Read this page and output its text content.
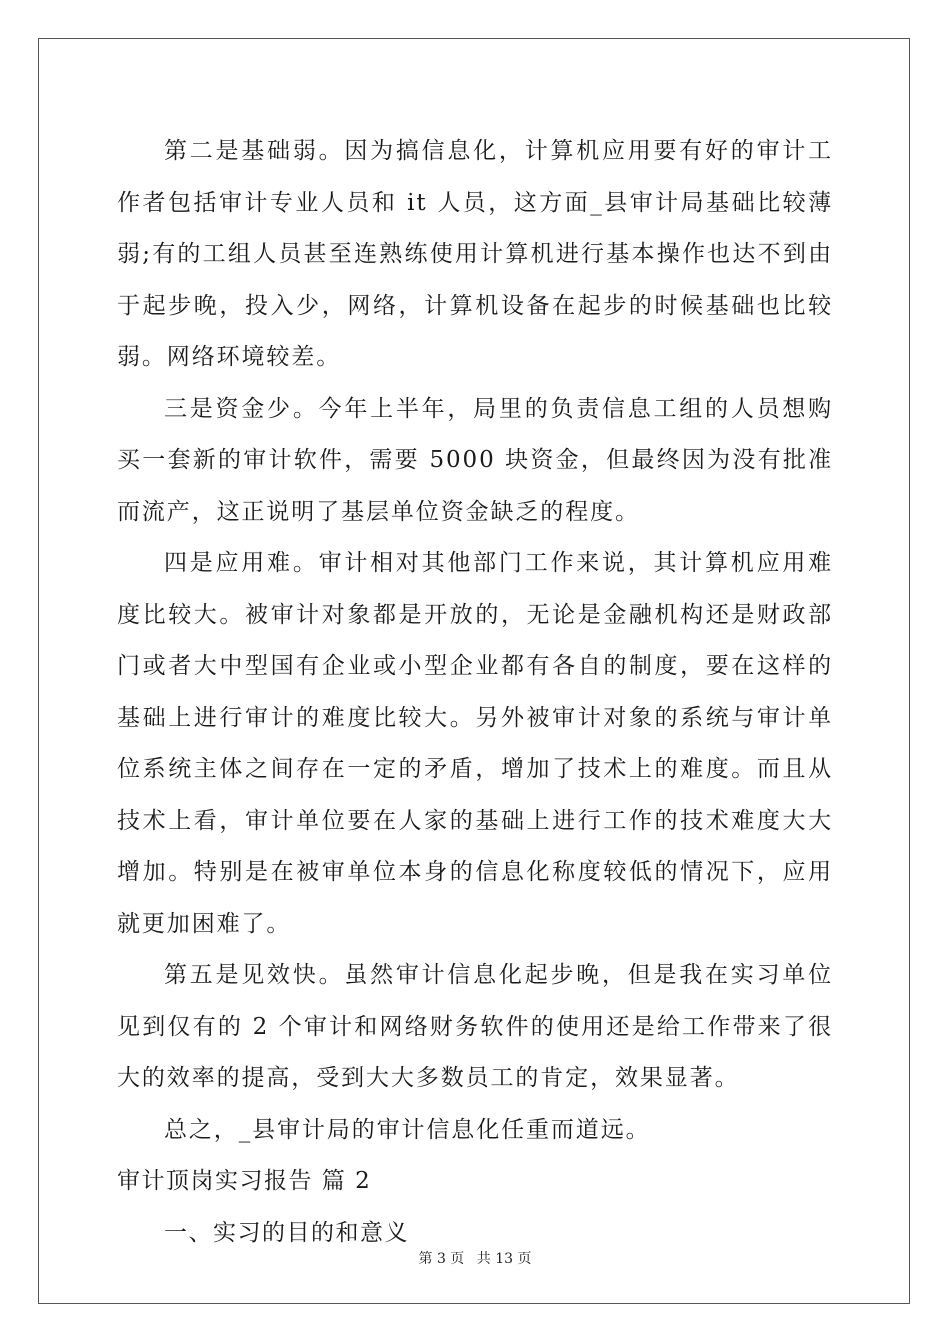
第二是基础弱。因为搞信息化，计算机应用要有好的审计工作者包括审计专业人员和 it 人员，这方面_县审计局基础比较薄弱;有的工组人员甚至连熟练使用计算机进行基本操作也达不到由于起步晚，投入少，网络，计算机设备在起步的时候基础也比较弱。网络环境较差。

三是资金少。今年上半年，局里的负责信息工组的人员想购买一套新的审计软件，需要 5000 块资金，但最终因为没有批准而流产，这正说明了基层单位资金缺乏的程度。

四是应用难。审计相对其他部门工作来说，其计算机应用难度比较大。被审计对象都是开放的，无论是金融机构还是财政部门或者大中型国有企业或小型企业都有各自的制度，要在这样的基础上进行审计的难度比较大。另外被审计对象的系统与审计单位系统主体之间存在一定的矛盾，增加了技术上的难度。而且从技术上看，审计单位要在人家的基础上进行工作的技术难度大大增加。特别是在被审单位本身的信息化称度较低的情况下，应用就更加困难了。

第五是见效快。虽然审计信息化起步晚，但是我在实习单位见到仅有的 2 个审计和网络财务软件的使用还是给工作带来了很大的效率的提高，受到大大多数员工的肯定，效果显著。

总之，_县审计局的审计信息化任重而道远。

审计顶岗实习报告 篇 2

一、实习的目的和意义

第 3 页 共 13 页
